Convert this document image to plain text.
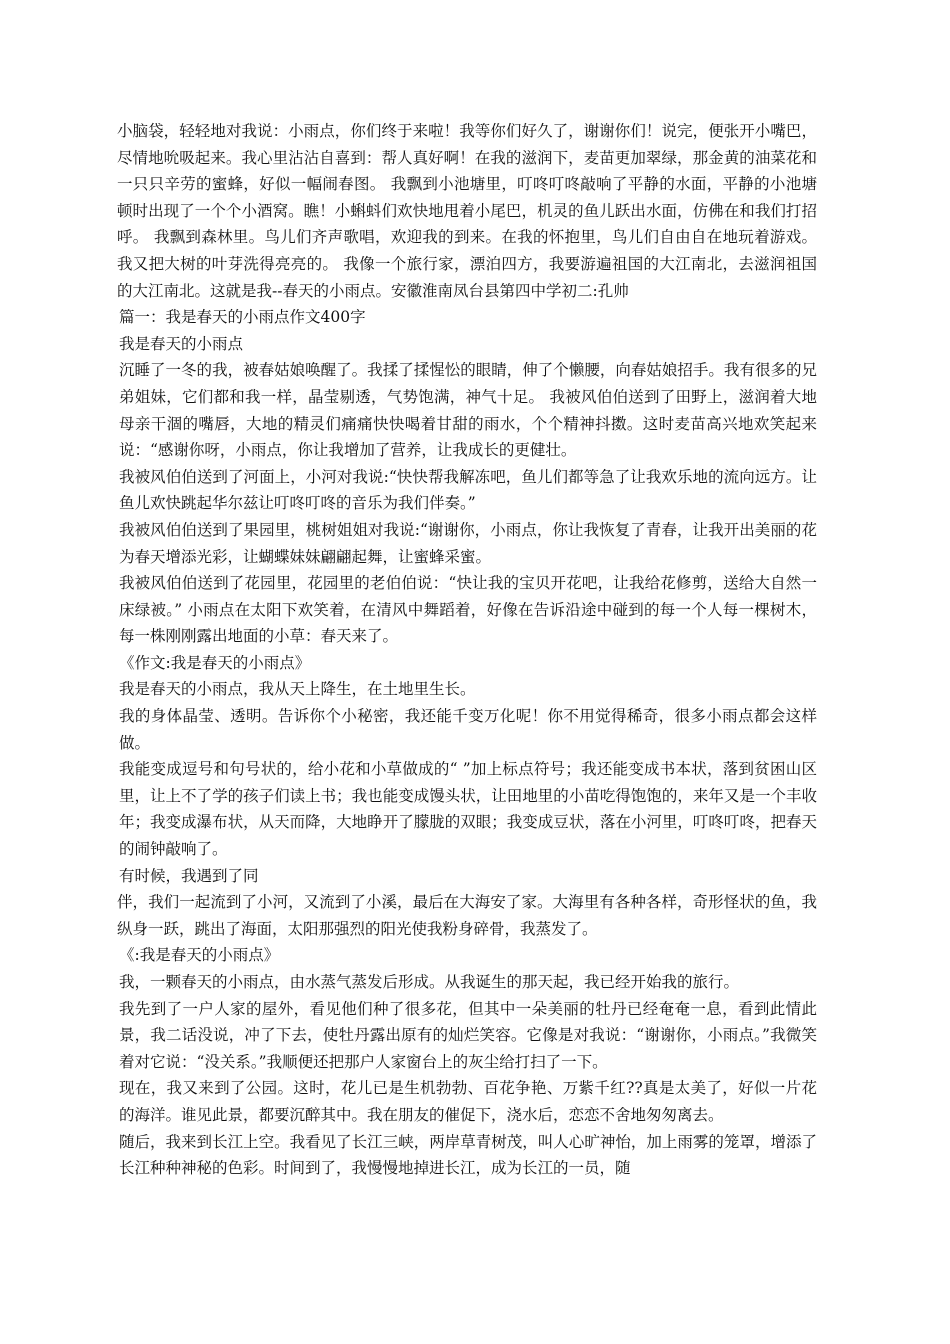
小脑袋，轻轻地对我说：小雨点，你们终于来啦！我等你们好久了，谢谢你们！说完，便张开小嘴巴，尽情地吮吸起来。我心里沾沾自喜到：帮人真好啊！在我的滋润下，麦苗更加翠绿，那金黄的油菜花和一只只辛劳的蜜蜂，好似一幅闹春图。 我飘到小池塘里，叮咚叮咚敲响了平静的水面，平静的小池塘顿时出现了一个个小酒窝。瞧！小蝌蚪们欢快地甩着小尾巴，机灵的鱼儿跃出水面，仿佛在和我们打招呼。 我飘到森林里。鸟儿们齐声歌唱，欢迎我的到来。在我的怀抱里，鸟儿们自由自在地玩着游戏。我又把大树的叶芽洗得亮亮的。 我像一个旅行家，漂泊四方，我要游遍祖国的大江南北，去滋润祖国的大江南北。这就是我--春天的小雨点。安徽淮南凤台县第四中学初二:孔帅

篇一：我是春天的小雨点作文400字

我是春天的小雨点

沉睡了一冬的我，被春姑娘唤醒了。我揉了揉惺忪的眼睛，伸了个懒腰，向春姑娘招手。我有很多的兄弟姐妹，它们都和我一样，晶莹剔透，气势饱满，神气十足。 我被风伯伯送到了田野上，滋润着大地母亲干涸的嘴唇，大地的精灵们痛痛快快喝着甘甜的雨水，个个精神抖擞。这时麦苗高兴地欢笑起来说：“感谢你呀，小雨点，你让我增加了营养，让我成长的更健壮。

我被风伯伯送到了河面上，小河对我说:“快快帮我解冻吧，鱼儿们都等急了让我欢乐地的流向远方。让鱼儿欢快跳起华尔兹让叮咚叮咚的音乐为我们伴奏。”

我被风伯伯送到了果园里，桃树姐姐对我说:“谢谢你，小雨点，你让我恢复了青春，让我开出美丽的花为春天增添光彩，让蝴蝶妹妹翩翩起舞，让蜜蜂采蜜。

我被风伯伯送到了花园里，花园里的老伯伯说：“快让我的宝贝开花吧，让我给花修剪，送给大自然一床绿被。” 小雨点在太阳下欢笑着，在清风中舞蹈着，好像在告诉沿途中碰到的每一个人每一棵树木，每一株刚刚露出地面的小草：春天来了。

《作文:我是春天的小雨点》

我是春天的小雨点，我从天上降生，在土地里生长。

我的身体晶莹、透明。告诉你个小秘密，我还能千变万化呢！你不用觉得稀奇，很多小雨点都会这样做。

我能变成逗号和句号状的，给小花和小草做成的“ ”加上标点符号；我还能变成书本状，落到贫困山区里，让上不了学的孩子们读上书；我也能变成馒头状，让田地里的小苗吃得饱饱的，来年又是一个丰收年；我变成瀑布状，从天而降，大地睁开了朦胧的双眼；我变成豆状，落在小河里，叮咚叮咚，把春天的闹钟敲响了。

有时候，我遇到了同

伴，我们一起流到了小河，又流到了小溪，最后在大海安了家。大海里有各种各样，奇形怪状的鱼，我纵身一跃，跳出了海面，太阳那强烈的阳光使我粉身碎骨，我蒸发了。

《:我是春天的小雨点》

我，一颗春天的小雨点，由水蒸气蒸发后形成。从我诞生的那天起，我已经开始我的旅行。

我先到了一户人家的屋外，看见他们种了很多花，但其中一朵美丽的牡丹已经奄奄一息，看到此情此景，我二话没说，冲了下去，使牡丹露出原有的灿烂笑容。它像是对我说：“谢谢你，小雨点。”我微笑着对它说：“没关系。”我顺便还把那户人家窗台上的灰尘给打扫了一下。

现在，我又来到了公园。这时，花儿已是生机勃勃、百花争艳、万紫千红??真是太美了，好似一片花的海洋。谁见此景，都要沉醉其中。我在朋友的催促下，浇水后，恋恋不舍地匆匆离去。

随后，我来到长江上空。我看见了长江三峡，两岸草青树茂，叫人心旷神怡，加上雨雾的笼罩，增添了长江种种神秘的色彩。时间到了，我慢慢地掉进长江，成为长江的一员，随
